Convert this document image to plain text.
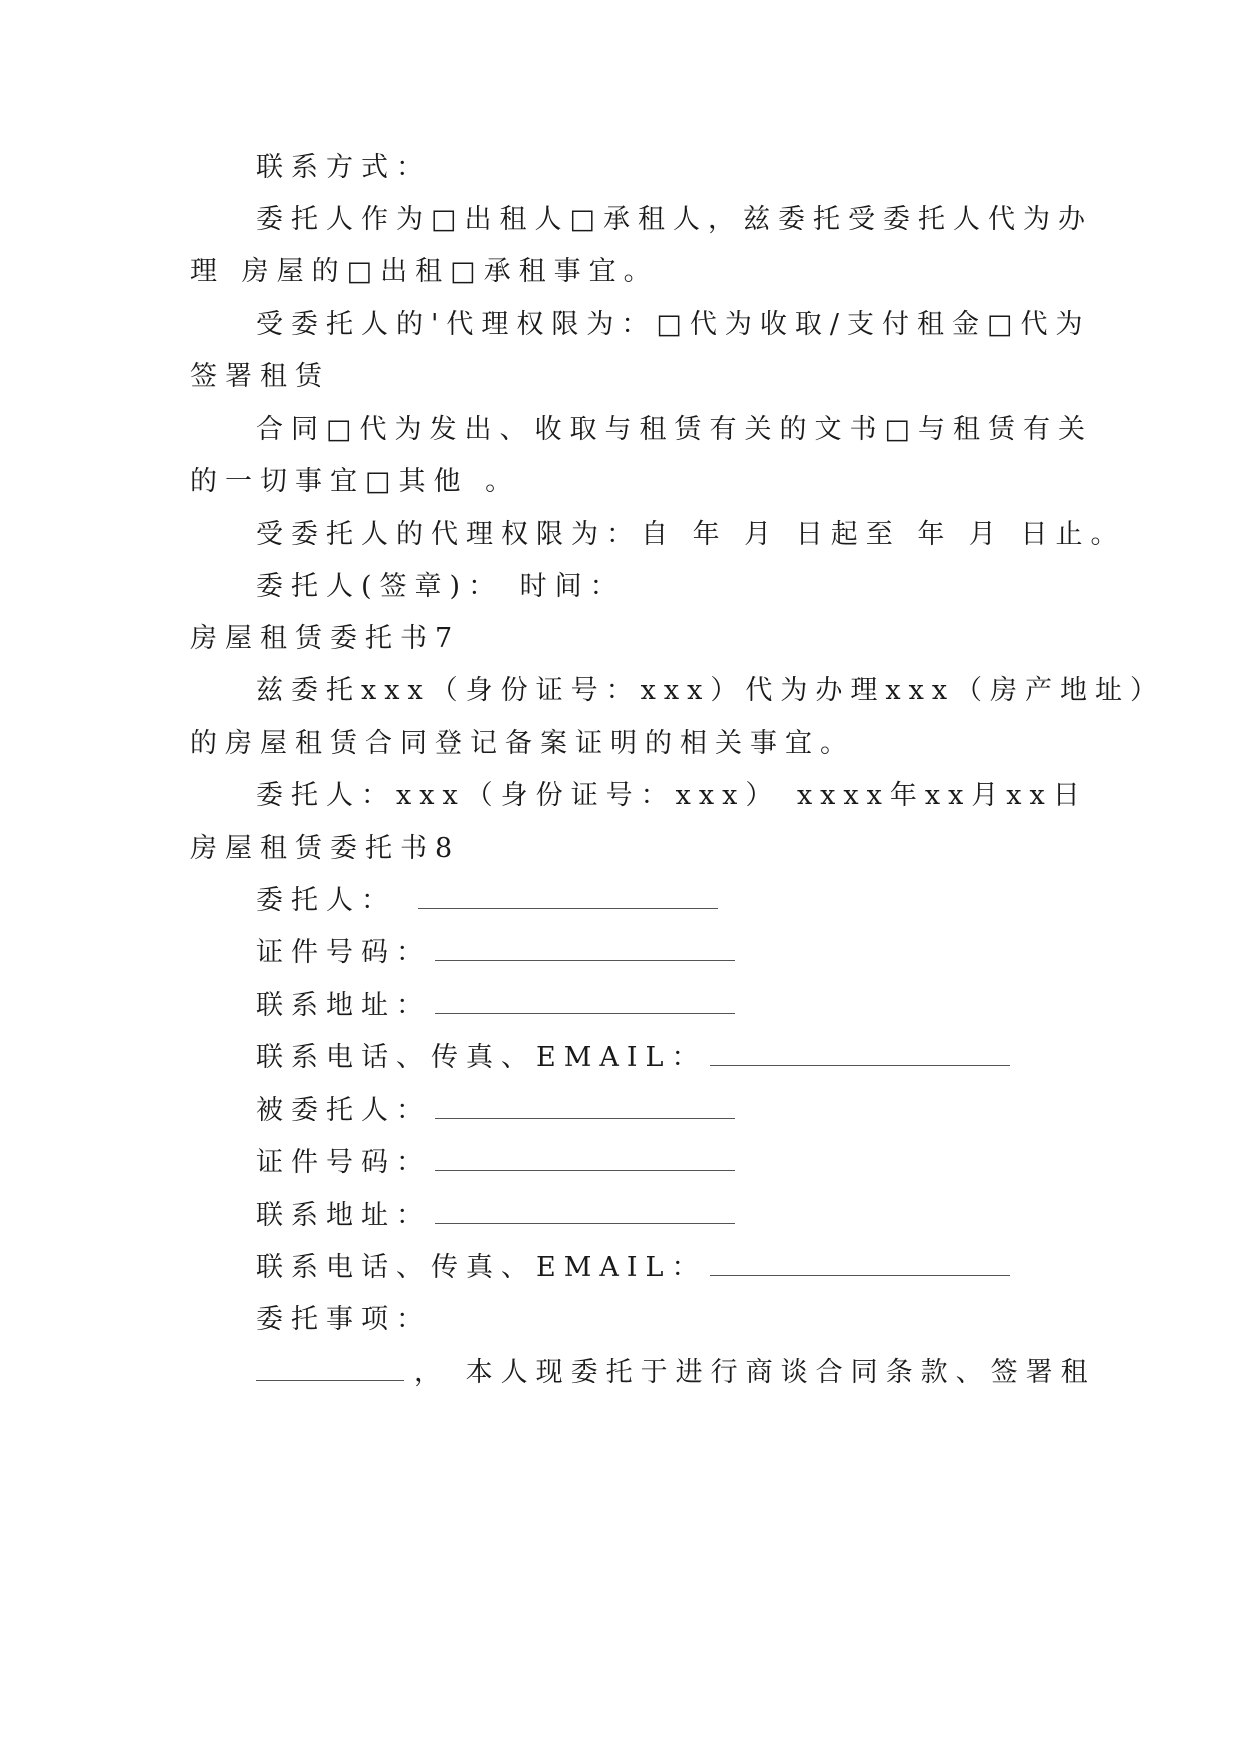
联系方式：
委托人作为□出租人□承租人，兹委托受委托人代为办
理 房屋的□出租□承租事宜。
受委托人的'代理权限为：□代为收取/支付租金□代为
签署租赁
合同□代为发出、收取与租赁有关的文书□与租赁有关
的一切事宜□其他 。
受委托人的代理权限为：自 年 月 日起至 年 月 日止。
委托人(签章)： 时间：
房屋租赁委托书7
兹委托xxx（身份证号：xxx）代为办理xxx（房产地址）
的房屋租赁合同登记备案证明的相关事宜。
委托人：xxx（身份证号：xxx） xxxx年xx月xx日
房屋租赁委托书8
委托人：
证件号码：
联系地址：
联系电话、传真、EMAIL：
被委托人：
证件号码：
联系地址：
联系电话、传真、EMAIL：
委托事项：
， 本人现委托于进行商谈合同条款、签署租
